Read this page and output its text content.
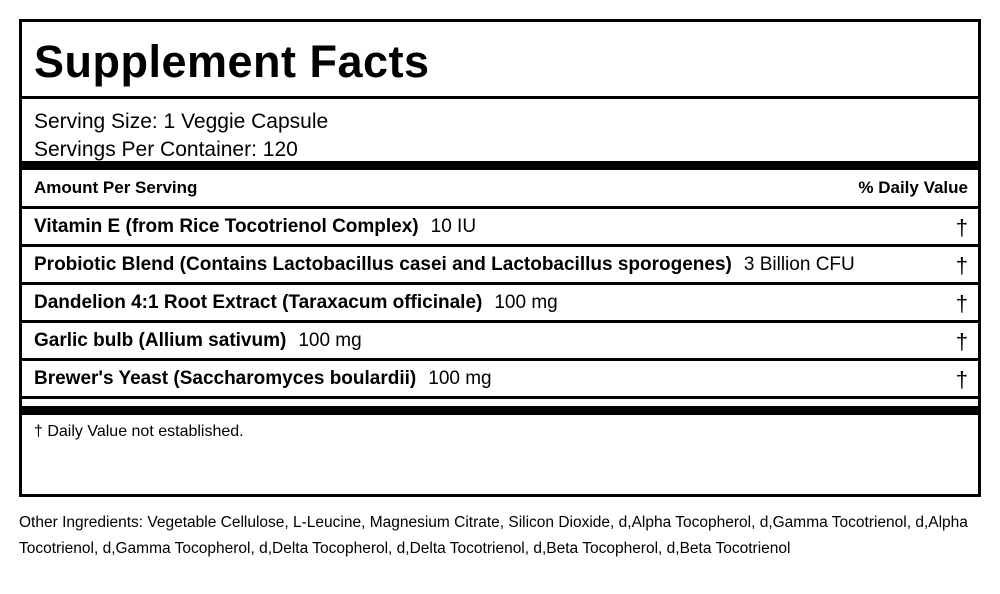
Supplement Facts
Serving Size: 1 Veggie Capsule
Servings Per Container: 120
Amount Per Serving	% Daily Value
Vitamin E (from Rice Tocotrienol Complex) 10 IU	†
Probiotic Blend (Contains Lactobacillus casei and Lactobacillus sporogenes) 3 Billion CFU	†
Dandelion 4:1 Root Extract (Taraxacum officinale) 100 mg	†
Garlic bulb (Allium sativum) 100 mg	†
Brewer's Yeast (Saccharomyces boulardii) 100 mg	†
† Daily Value not established.
Other Ingredients: Vegetable Cellulose, L-Leucine, Magnesium Citrate, Silicon Dioxide, d,Alpha Tocopherol, d,Gamma Tocotrienol, d,Alpha Tocotrienol, d,Gamma Tocopherol, d,Delta Tocopherol, d,Delta Tocotrienol, d,Beta Tocopherol, d,Beta Tocotrienol
